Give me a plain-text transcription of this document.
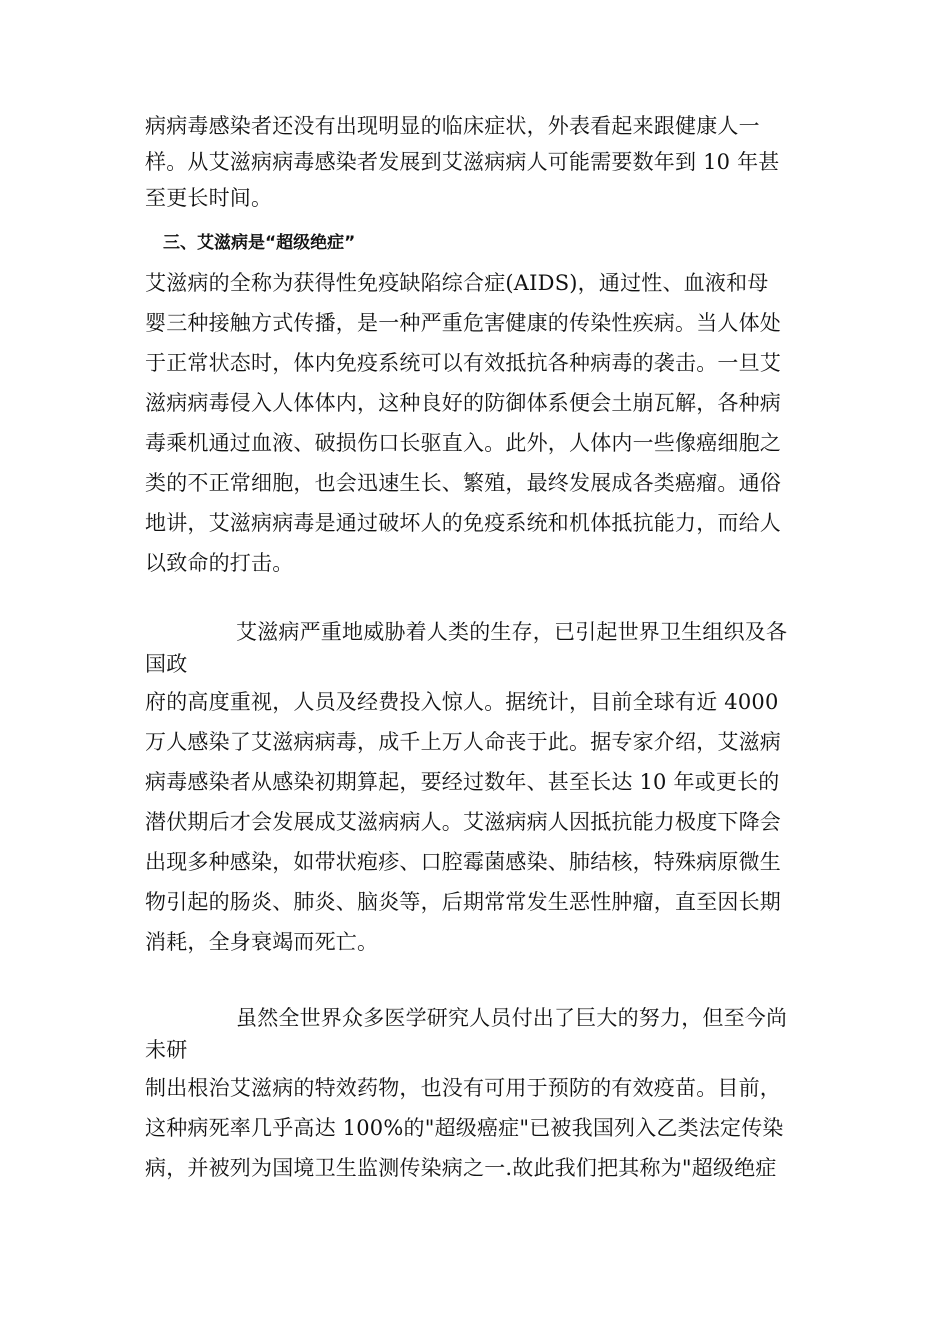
病病毒感染者还没有出现明显的临床症状，外表看起来跟健康人一
样。从艾滋病病毒感染者发展到艾滋病病人可能需要数年到 10 年甚
至更长时间。
三、艾滋病是“超级绝症”
艾滋病的全称为获得性免疫缺陷综合症(AIDS)，通过性、血液和母
婴三种接触方式传播，是一种严重危害健康的传染性疾病。当人体处
于正常状态时，体内免疫系统可以有效抵抗各种病毒的袭击。一旦艾
滋病病毒侵入人体体内，这种良好的防御体系便会土崩瓦解，各种病
毒乘机通过血液、破损伤口长驱直入。此外，人体内一些像癌细胞之
类的不正常细胞，也会迅速生长、繁殖，最终发展成各类癌瘤。通俗
地讲，艾滋病病毒是通过破坏人的免疫系统和机体抵抗能力，而给人
以致命的打击。
艾滋病严重地威胁着人类的生存，已引起世界卫生组织及各
国政
府的高度重视，人员及经费投入惊人。据统计，目前全球有近 4000
万人感染了艾滋病病毒，成千上万人命丧于此。据专家介绍，艾滋病
病毒感染者从感染初期算起，要经过数年、甚至长达 10 年或更长的
潜伏期后才会发展成艾滋病病人。艾滋病病人因抵抗能力极度下降会
出现多种感染，如带状疱疹、口腔霉菌感染、肺结核，特殊病原微生
物引起的肠炎、肺炎、脑炎等，后期常常发生恶性肿瘤，直至因长期
消耗，全身衰竭而死亡。
虽然全世界众多医学研究人员付出了巨大的努力，但至今尚
未研
制出根治艾滋病的特效药物，也没有可用于预防的有效疫苗。目前，
这种病死率几乎高达 100%的"超级癌症"已被我国列入乙类法定传染
病，并被列为国境卫生监测传染病之一.故此我们把其称为"超级绝症
